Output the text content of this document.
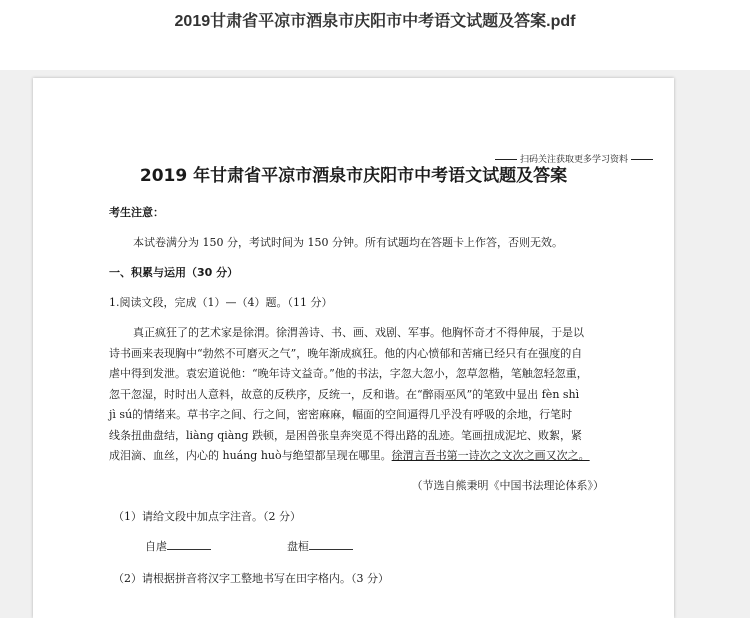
2019甘肃省平凉市酒泉市庆阳市中考语文试题及答案.pdf
扫码关注获取更多学习资料
2019 年甘肃省平凉市酒泉市庆阳市中考语文试题及答案
考生注意：
本试卷满分为 150 分，考试时间为 150 分钟。所有试题均在答题卡上作答，否则无效。
一、积累与运用（30 分）
1.阅读文段，完成（1）—（4）题。（11 分）
真正疯狂了的艺术家是徐渭。徐渭善诗、书、画、戏剧、军事。他胸怀奇才不得伸展，于是以
诗书画来表现胸中“勃然不可磨灭之气”，晚年渐成疯狂。他的内心愤郁和苦痛已经只有在强度的自
虐中得到发泄。袁宏道说他：“晚年诗文益奇。”他的书法，字忽大忽小，忽草忽楷，笔触忽轻忽重，
忽干忽湿，时时出人意料，故意的反秩序，反统一，反和谐。在“醉雨巫风”的笔致中显出 fèn shì
jì sú的情绪来。草书字之间、行之间，密密麻麻，幅面的空间逼得几乎没有呼吸的余地，行笔时
线条扭曲盘结，liàng qiàng 跌顿，是困兽张皇奔突觅不得出路的乱迹。笔画扭成泥坨、败絮，紧
成泪滴、血丝，内心的 huáng huò与绝望都呈现在哪里。徐渭言吾书第一诗次之文次之画又次之。
（节选自熊秉明《中国书法理论体系》）
（1）请给文段中加点字注音。（2 分）
自虐	盘桓
（2）请根据拼音将汉字工整地书写在田字格内。（3 分）
